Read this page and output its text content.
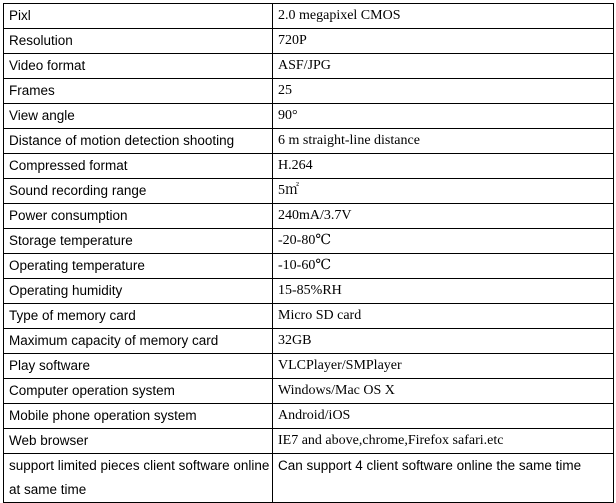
Pixl	2.0 megapixel CMOS
Resolution	720P
Video format	ASF/JPG
Frames	25
View angle	90°
Distance of motion detection shooting	6 m straight-line distance
Compressed format	H.264
Sound recording range	5㎡
Power consumption	240mA/3.7V
Storage temperature	-20-80℃
Operating temperature	-10-60℃
Operating humidity	15-85%RH
Type of memory card	Micro SD card
Maximum capacity of memory card	32GB
Play software	VLCPlayer/SMPlayer
Computer operation system	Windows/Mac OS X
Mobile phone operation system	Android/iOS
Web browser	IE7 and above,chrome,Firefox safari.etc
support limited pieces client software online at same time	Can support 4 client software online the same time
